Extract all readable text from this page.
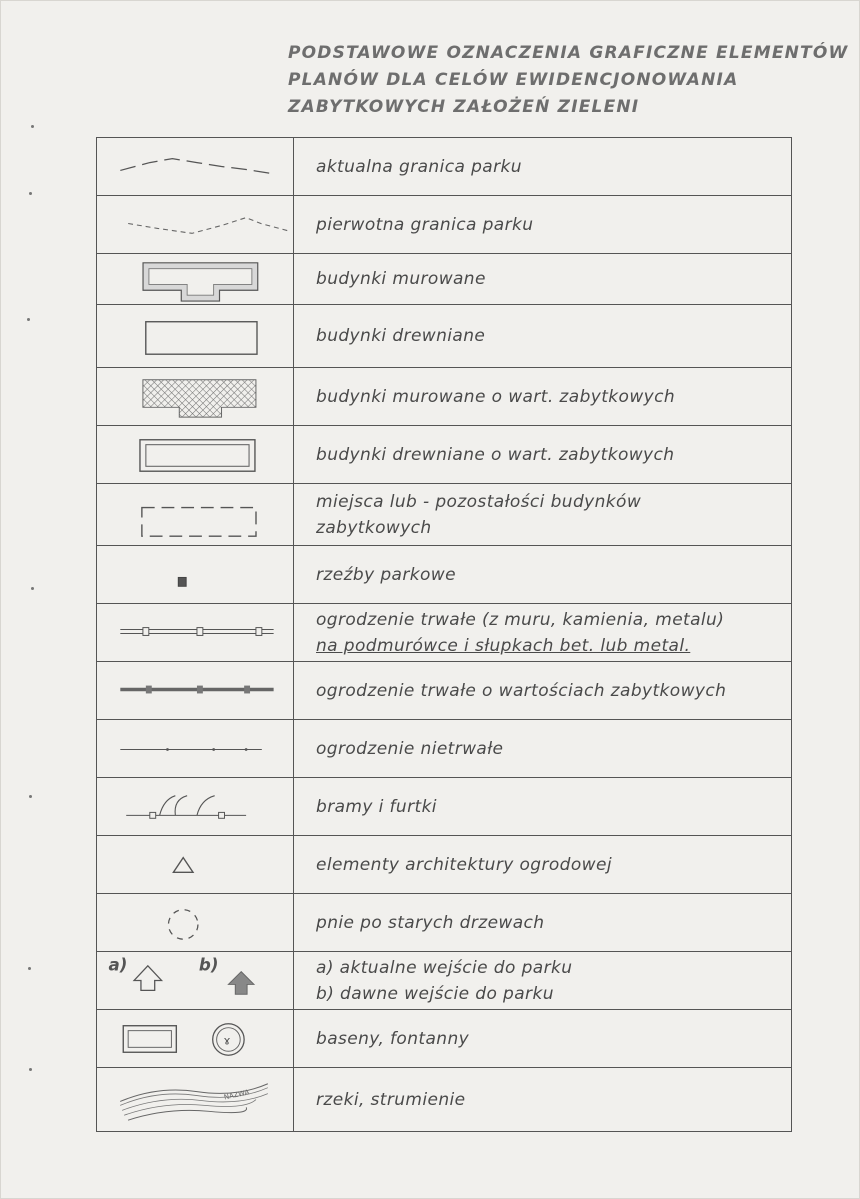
PODSTAWOWE OZNACZENIA GRAFICZNE ELEMENTÓW
PLANÓW DLA CELÓW EWIDENCJONOWANIA
ZABYTKOWYCH ZAŁOŻEŃ ZIELENI
aktualna granica parku
pierwotna granica parku
budynki murowane
budynki drewniane
budynki murowane o wart. zabytkowych
budynki drewniane o wart. zabytkowych
miejsca lub - pozostałości budynków
zabytkowych
rzeźby parkowe
ogrodzenie trwałe (z muru, kamienia, metalu)
na podmurówce i słupkach bet. lub metal.
ogrodzenie trwałe o wartościach zabytkowych
ogrodzenie nietrwałe
bramy i furtki
elementy architektury ogrodowej
pnie po starych drzewach
a)	b)	a) aktualne wejście do parku
b) dawne wejście do parku
ɤ	baseny, fontanny
NAZWA	rzeki, strumienie
